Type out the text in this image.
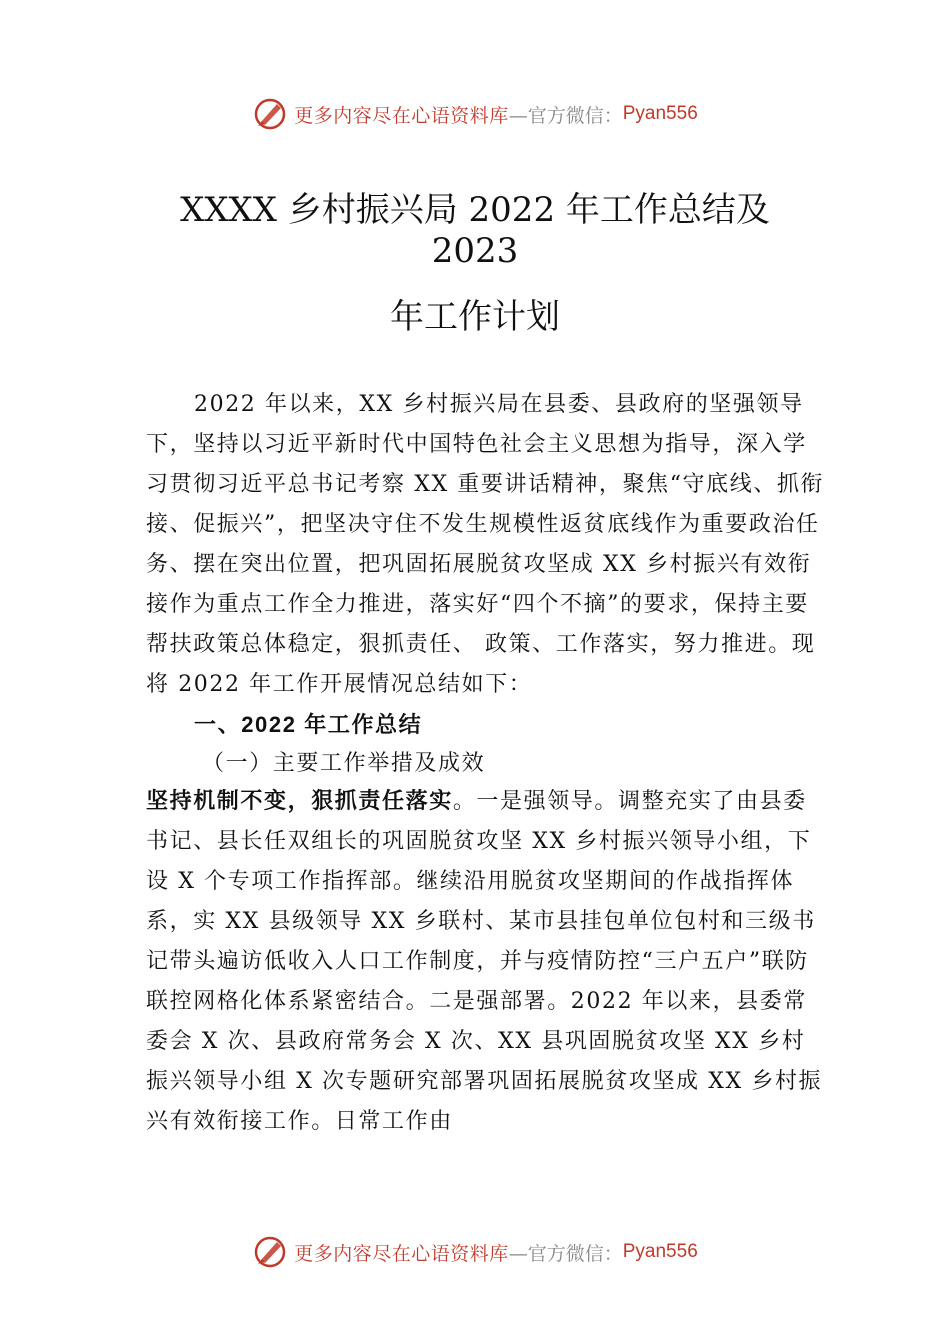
更多内容尽在心语资料库 —官方微信： Pyan556
XXXX 乡村振兴局 2022 年工作总结及
2023
年工作计划

2022 年以来，XX 乡村振兴局在县委、县政府的坚强领导下，坚持以习近平新时代中国特色社会主义思想为指导，深入学习贯彻习近平总书记考察 XX 重要讲话精神，聚焦“守底线、抓衔接、促振兴”，把坚决守住不发生规模性返贫底线作为重要政治任务、摆在突出位置，把巩固拓展脱贫攻坚成 XX 乡村振兴有效衔接作为重点工作全力推进，落实好“四个不摘”的要求，保持主要帮扶政策总体稳定，狠抓责任、 政策、工作落实，努力推进。现将 2022 年工作开展情况总结如下：

一、2022 年工作总结

（一）主要工作举措及成效

坚持机制不变，狠抓责任落实。一是强领导。调整充实了由县委书记、县长任双组长的巩固脱贫攻坚 XX 乡村振兴领导小组，下设 X 个专项工作指挥部。继续沿用脱贫攻坚期间的作战指挥体系，实 XX 县级领导 XX 乡联村、某市县挂包单位包村和三级书记带头遍访低收入人口工作制度，并与疫情防控“三户五户”联防联控网格化体系紧密结合。二是强部署。2022 年以来，县委常委会 X 次、县政府常务会 X 次、XX 县巩固脱贫攻坚 XX 乡村振兴领导小组 X 次专题研究部署巩固拓展脱贫攻坚成 XX 乡村振兴有效衔接工作。日常工作由

更多内容尽在心语资料库 —官方微信： Pyan556
